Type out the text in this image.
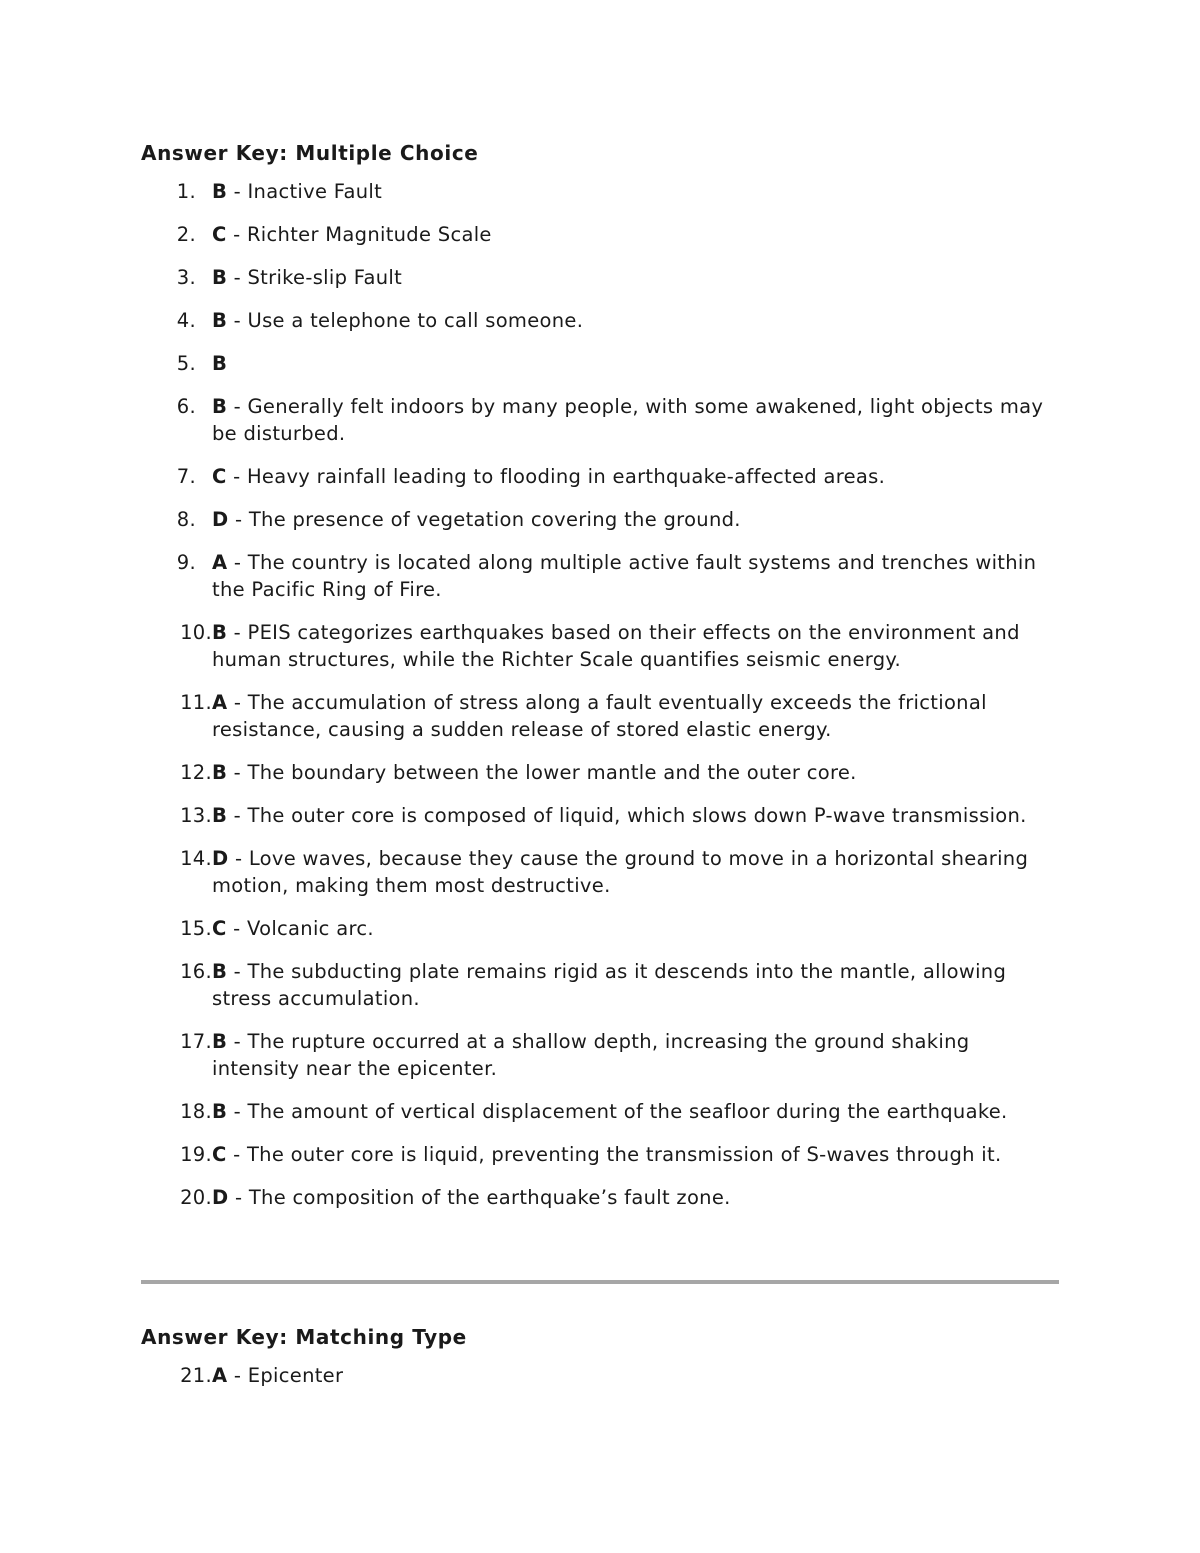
Answer Key: Multiple Choice
1. B - Inactive Fault
2. C - Richter Magnitude Scale
3. B - Strike-slip Fault
4. B - Use a telephone to call someone.
5. B
6. B - Generally felt indoors by many people, with some awakened, light objects may be disturbed.
7. C - Heavy rainfall leading to flooding in earthquake-affected areas.
8. D - The presence of vegetation covering the ground.
9. A - The country is located along multiple active fault systems and trenches within the Pacific Ring of Fire.
10. B - PEIS categorizes earthquakes based on their effects on the environment and human structures, while the Richter Scale quantifies seismic energy.
11. A - The accumulation of stress along a fault eventually exceeds the frictional resistance, causing a sudden release of stored elastic energy.
12. B - The boundary between the lower mantle and the outer core.
13. B - The outer core is composed of liquid, which slows down P-wave transmission.
14. D - Love waves, because they cause the ground to move in a horizontal shearing motion, making them most destructive.
15. C - Volcanic arc.
16. B - The subducting plate remains rigid as it descends into the mantle, allowing stress accumulation.
17. B - The rupture occurred at a shallow depth, increasing the ground shaking intensity near the epicenter.
18. B - The amount of vertical displacement of the seafloor during the earthquake.
19. C - The outer core is liquid, preventing the transmission of S-waves through it.
20. D - The composition of the earthquake’s fault zone.
Answer Key: Matching Type
21. A - Epicenter
